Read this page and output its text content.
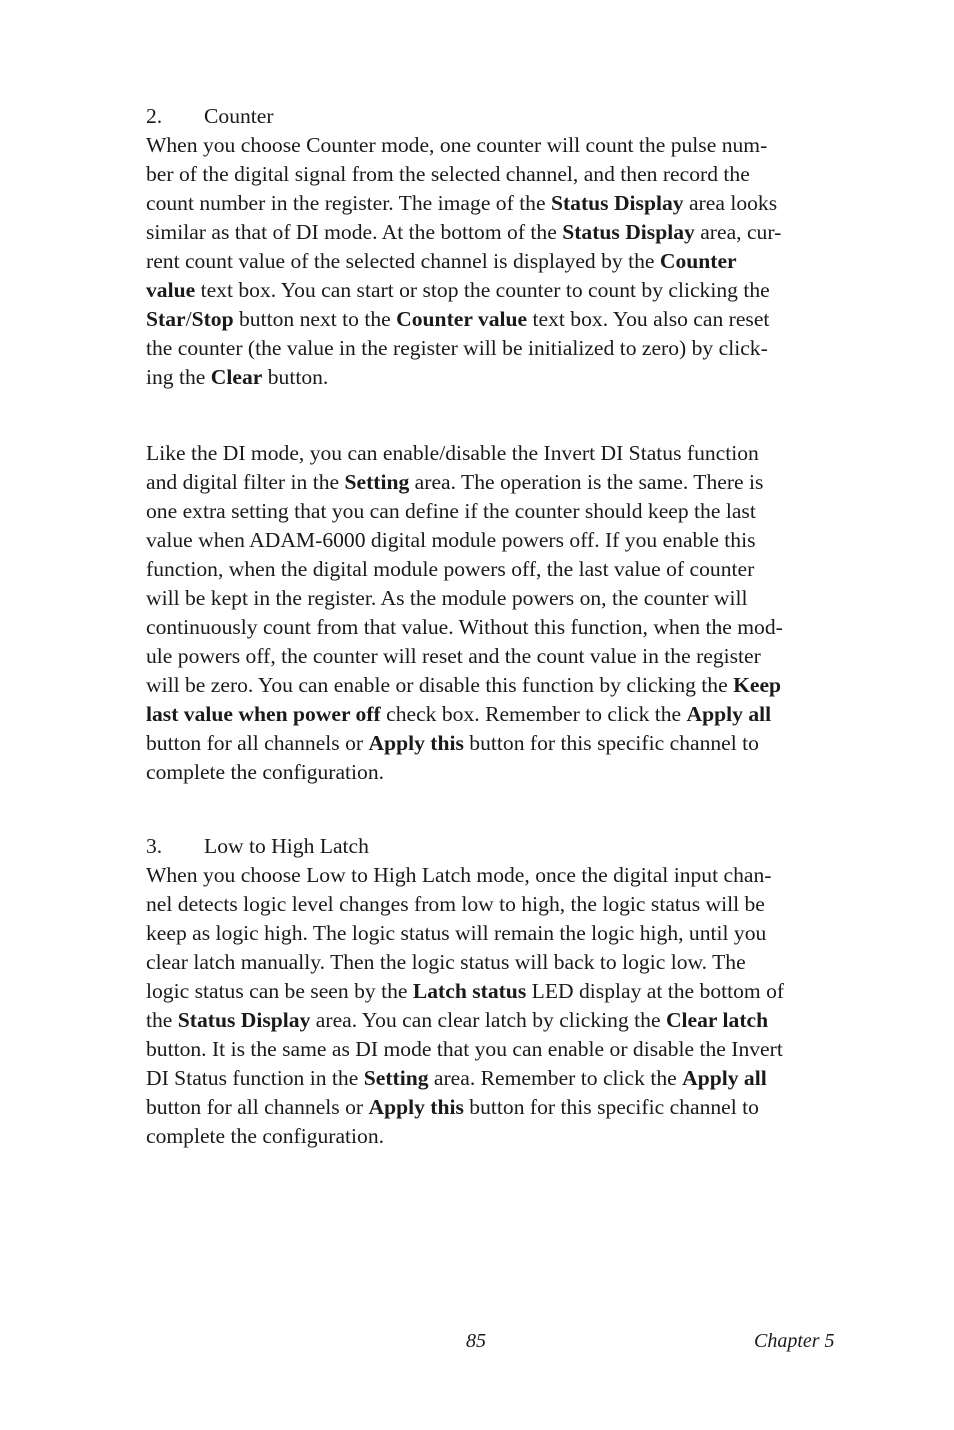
2. Counter
When you choose Counter mode, one counter will count the pulse num-
ber of the digital signal from the selected channel, and then record the
count number in the register. The image of the Status Display area looks
similar as that of DI mode. At the bottom of the Status Display area, cur-
rent count value of the selected channel is displayed by the Counter
value text box. You can start or stop the counter to count by clicking the
Star/Stop button next to the Counter value text box. You also can reset
the counter (the value in the register will be initialized to zero) by click-
ing the Clear button.
Like the DI mode, you can enable/disable the Invert DI Status function
and digital filter in the Setting area. The operation is the same. There is
one extra setting that you can define if the counter should keep the last
value when ADAM-6000 digital module powers off. If you enable this
function, when the digital module powers off, the last value of counter
will be kept in the register. As the module powers on, the counter will
continuously count from that value. Without this function, when the mod-
ule powers off, the counter will reset and the count value in the register
will be zero. You can enable or disable this function by clicking the Keep
last value when power off check box. Remember to click the Apply all
button for all channels or Apply this button for this specific channel to
complete the configuration.
3. Low to High Latch
When you choose Low to High Latch mode, once the digital input chan-
nel detects logic level changes from low to high, the logic status will be
keep as logic high. The logic status will remain the logic high, until you
clear latch manually. Then the logic status will back to logic low. The
logic status can be seen by the Latch status LED display at the bottom of
the Status Display area. You can clear latch by clicking the Clear latch
button. It is the same as DI mode that you can enable or disable the Invert
DI Status function in the Setting area. Remember to click the Apply all
button for all channels or Apply this button for this specific channel to
complete the configuration.
85	Chapter 5
